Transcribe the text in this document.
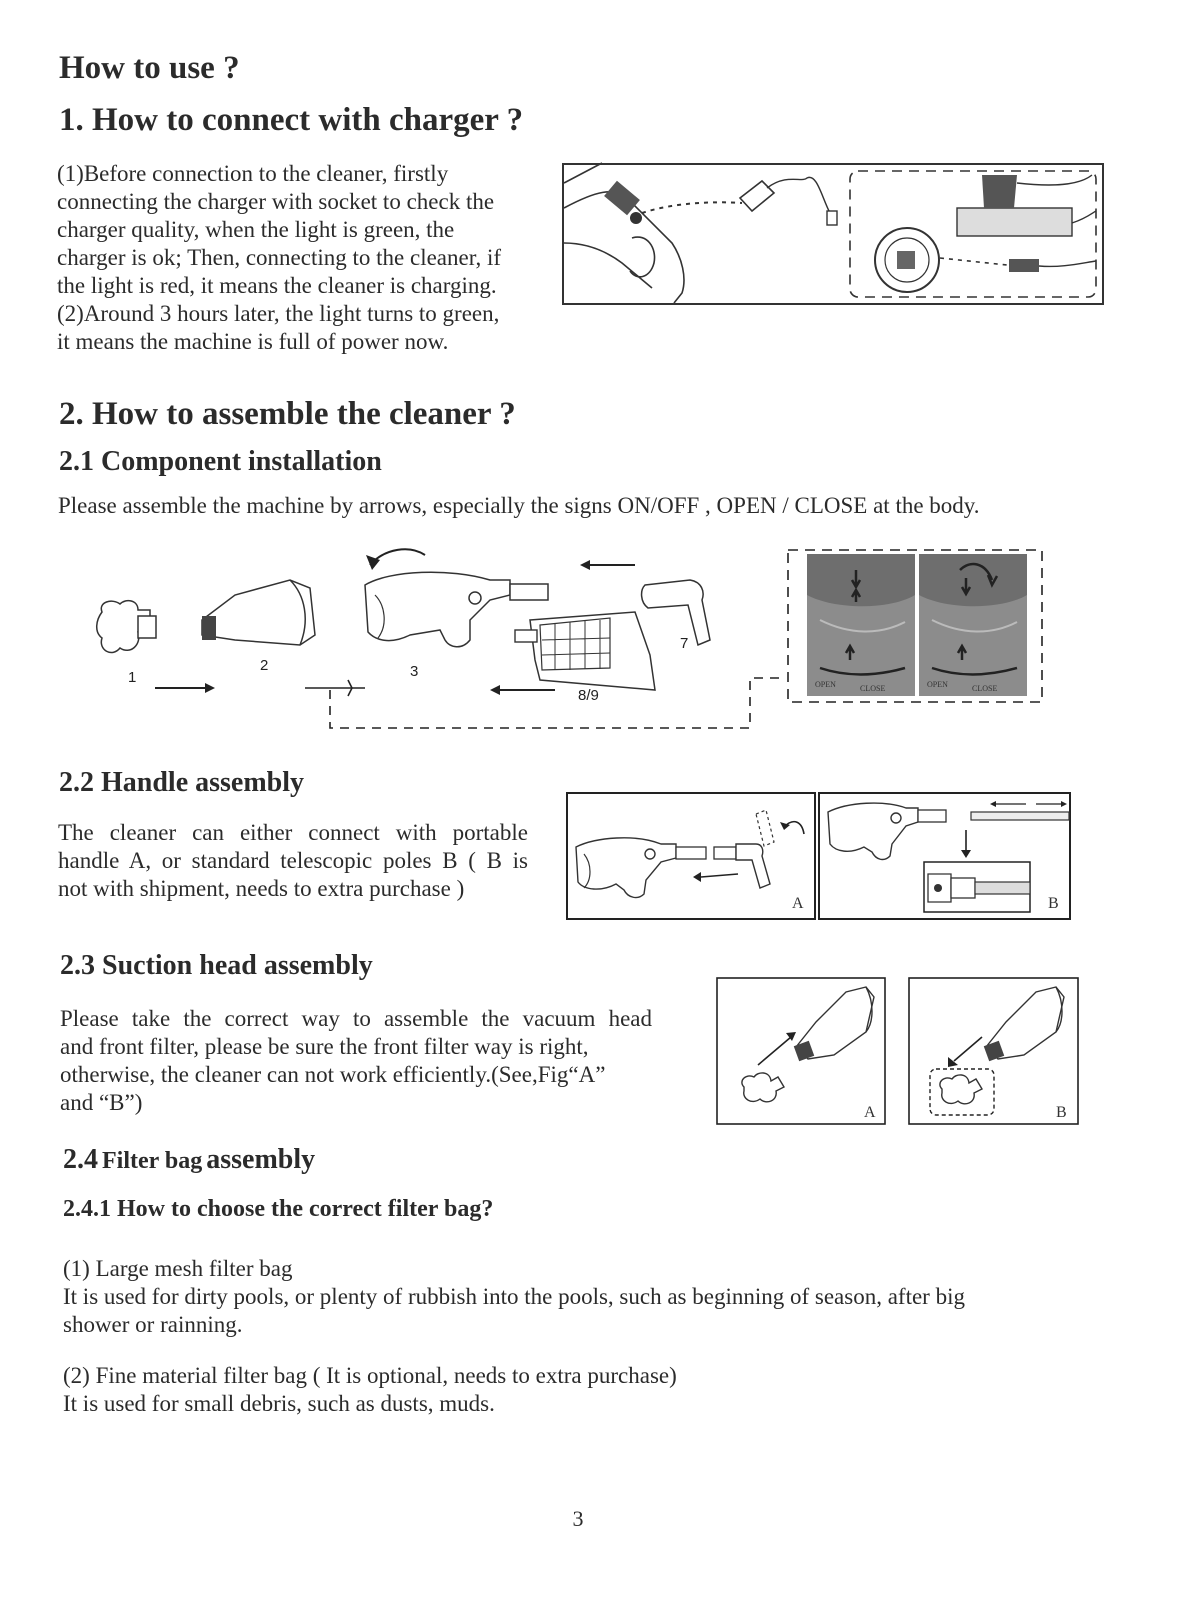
How to use ?
1. How to connect with charger ?

(1)Before connection to the cleaner, firstly

connecting the charger with socket to check the

charger quality, when the light is green, the

charger is ok; Then, connecting to the cleaner, if

the light is red, it means the cleaner is charging.

(2)Around 3 hours later, the light turns to green,

it means the machine is full of power now.

2. How to assemble the cleaner ?
2.1 Component installation
Please assemble the machine by arrows, especially the signs ON/OFF , OPEN / CLOSE at the body.
1
2	3
8/9
7
OPEN	CLOSE	OPEN	CLOSE
2.2 Handle assembly

The cleaner can either connect with portable

handle A, or standard telescopic poles B ( B is

not with shipment, needs to extra purchase )

A	B
2.3 Suction head assembly

Please take the correct way to assemble the vacuum head

and front filter, please be sure the front filter way is right,

otherwise, the cleaner can not work efficiently.(See,Fig“A”

and “B”)	A	B
2.4 Filter bag assembly
2.4.1 How to choose the correct filter bag?

(1) Large mesh filter bag

It is used for dirty pools, or plenty of rubbish into the pools, such as beginning of season, after big

shower or rainning.

(2) Fine material filter bag ( It is optional, needs to extra purchase)

It is used for small debris, such as dusts, muds.

3
